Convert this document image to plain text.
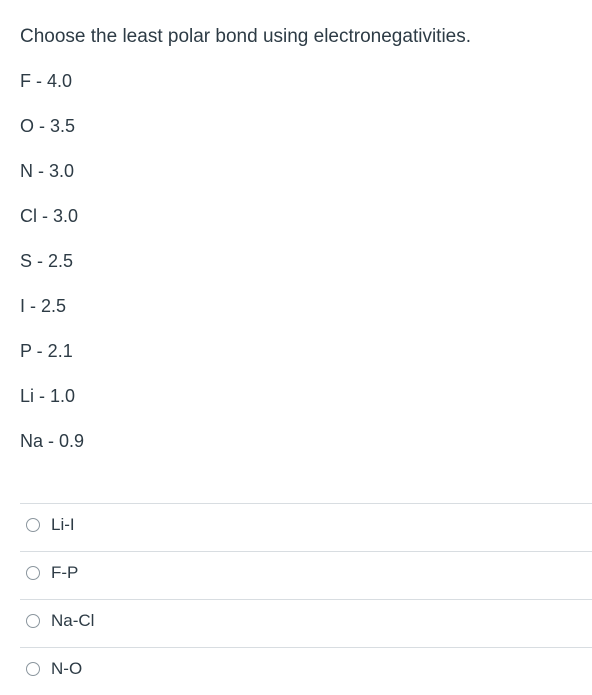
Choose the least polar bond using electronegativities.
F - 4.0
O - 3.5
N - 3.0
Cl - 3.0
S - 2.5
I - 2.5
P - 2.1
Li - 1.0
Na - 0.9
Li-I
F-P
Na-Cl
N-O
